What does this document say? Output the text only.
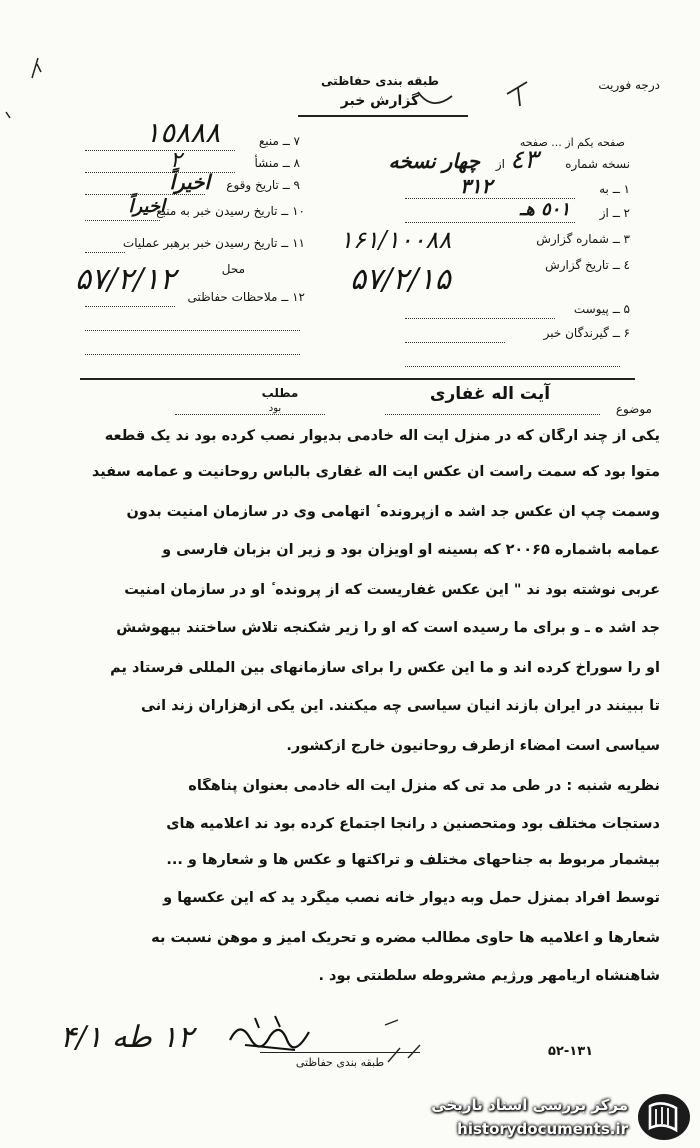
طبقه بندی حفاظتی
گزارش خبر
درجه فوریت
۷ ــ منبع
١٥٨٨٨
۸ ــ منشأ
٢
۹ ــ تاریخ وقوع
اخیراً
۱۰ ــ تاریخ رسیدن خبر به منبع
اخیراً
۱۱ ــ تاریخ رسیدن خبر برهبر عملیات
محل
۵۷/۲/۱۲ ۱۲ ــ ملاحظات حفاظتی
صفحه یکم از ... صفحه
نسخه شماره
٤٣
از
چهار نسخه
۱ ــ به
٣١٢
۲ ــ از
٥٠١ هـ
۳ ــ شماره گزارش
۱۶۱/۱۰۰۸۸
٤ ــ تاریخ گزارش
۵۷/۲/۱۵
۵ ــ پیوست
۶ ــ گیرندگان خبر
موضوع
آیت اله غفاری
مطلب
بود
یکی از چند ارگان که در منزل آیت اله خادمی بدیوار نصب کرده بود ند یک قطعه
متوا بود که سمت راست آن عکس آیت اله غفاری بالباس روحانیت و عمامه سفید
وسمت چپ آن عکس جد اشد ه ازپرونده ٔ اتهامی وی در سازمان امنیت بدون
عمامه باشماره ۲۰۰۶۵ که بسینه او آویزان بود و زیر آن بزبان فارسی و
عربی نوشته بود ند " این عکس غفاریست که از پرونده ٔ او در سازمان امنیت
جد اشد ه ـ و برای ما رسیده است که او را زیر شکنجه تلاش ساختند بیهوشش
او را سوراخ کرده اند و ما این عکس را برای سازمانهای بین المللی فرستاد یم
تا ببینند در ایران بازند انیان سیاسی چه میکنند. این یکی ازهزاران زند انی
سیاسی است امضاء ازطرف روحانیون خارج ازکشور.
نظریه شنبه : در طی مد تی که منزل آیت اله خادمی بعنوان پناهگاه
دستجات مختلف بود ومتحصنین د رآنجا اجتماع کرده بود ند اعلامیه های
بیشمار مربوط به جناحهای مختلف و تراکتها و عکس ها و شعارها و ...
توسط افراد بمنزل حمل وبه دیوار خانه نصب میگرد ید که این عکسها و
شعارها و اعلامیه ها حاوی مطالب مضره و تحریک آمیز و موهن نسبت به
شاهنشاه آریامهر ورژیم مشروطه سلطنتی بود .
۱۲ طه ۴/۱
طبقه بندی حفاظتی
۵۲-۱۳۱
مرکز بررسی اسناد تاریخی
historydocuments.ir
